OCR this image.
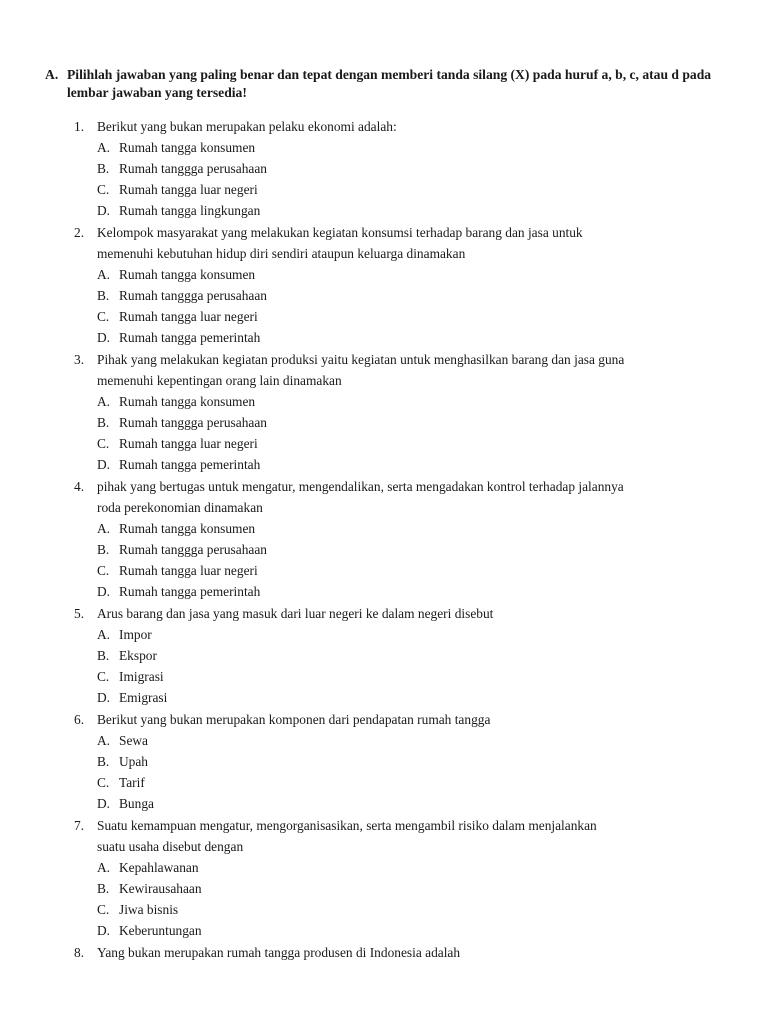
A. Pilihlah jawaban yang paling benar dan tepat dengan memberi tanda silang (X) pada huruf a, b, c, atau d pada
lembar jawaban yang tersedia!
1. Berikut yang bukan merupakan pelaku ekonomi adalah:
A. Rumah tangga konsumen
B. Rumah tanggga perusahaan
C. Rumah tangga luar negeri
D. Rumah tangga lingkungan
2. Kelompok masyarakat yang melakukan kegiatan konsumsi terhadap barang dan jasa untuk
memenuhi kebutuhan hidup diri sendiri ataupun keluarga dinamakan
A. Rumah tangga konsumen
B. Rumah tanggga perusahaan
C. Rumah tangga luar negeri
D. Rumah tangga pemerintah
3. Pihak yang melakukan kegiatan produksi yaitu kegiatan untuk menghasilkan barang dan jasa guna
memenuhi kepentingan orang lain dinamakan
A. Rumah tangga konsumen
B. Rumah tanggga perusahaan
C. Rumah tangga luar negeri
D. Rumah tangga pemerintah
4. pihak yang bertugas untuk mengatur, mengendalikan, serta mengadakan kontrol terhadap jalannya
roda perekonomian dinamakan
A. Rumah tangga konsumen
B. Rumah tanggga perusahaan
C. Rumah tangga luar negeri
D. Rumah tangga pemerintah
5. Arus barang dan jasa yang masuk dari luar negeri ke dalam negeri disebut
A. Impor
B. Ekspor
C. Imigrasi
D. Emigrasi
6. Berikut yang bukan merupakan komponen dari pendapatan rumah tangga
A. Sewa
B. Upah
C. Tarif
D. Bunga
7. Suatu kemampuan mengatur, mengorganisasikan, serta mengambil risiko dalam menjalankan
suatu usaha disebut dengan
A. Kepahlawanan
B. Kewirausahaan
C. Jiwa bisnis
D. Keberuntungan
8. Yang bukan merupakan rumah tangga produsen di Indonesia adalah
